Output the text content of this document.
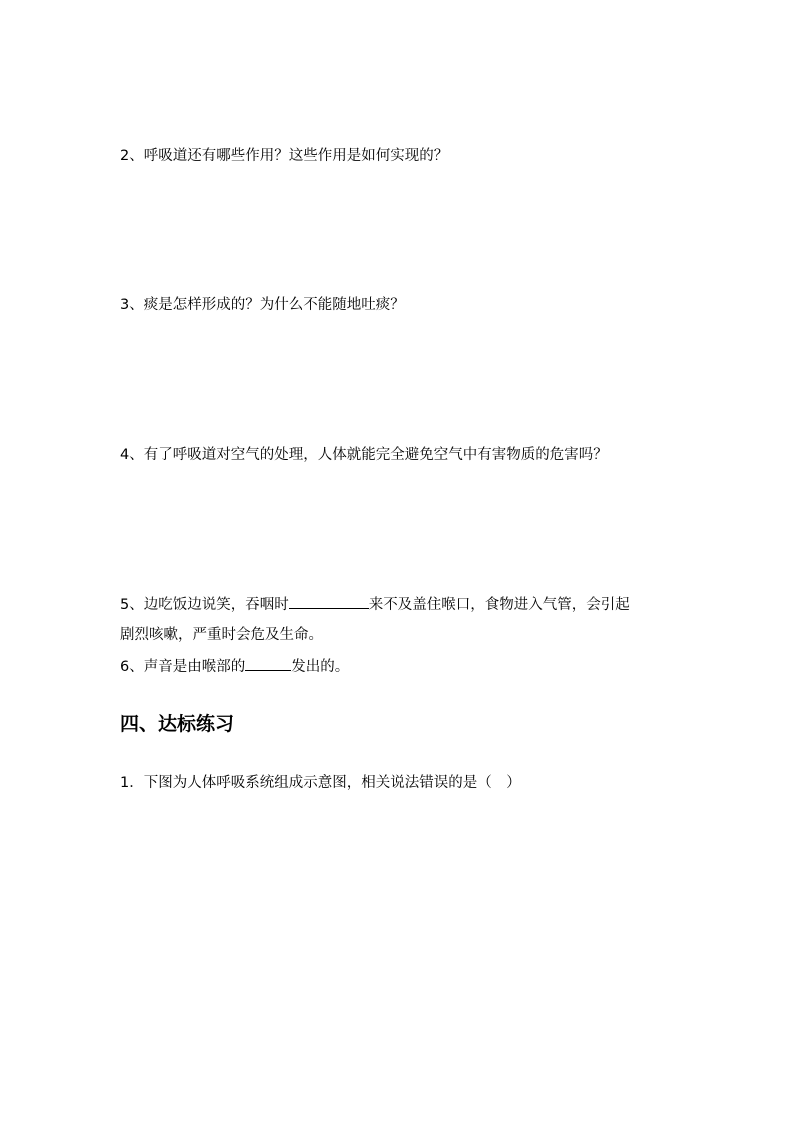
2、呼吸道还有哪些作用？这些作用是如何实现的？
3、痰是怎样形成的？为什么不能随地吐痰？
4、有了呼吸道对空气的处理，人体就能完全避免空气中有害物质的危害吗？
5、边吃饭边说笑，吞咽时	来不及盖住喉口，食物进入气管，会引起
剧烈咳嗽，严重时会危及生命。
6、声音是由喉部的	发出的。
四、达标练习
1．下图为人体呼吸系统组成示意图，相关说法错误的是（　）
